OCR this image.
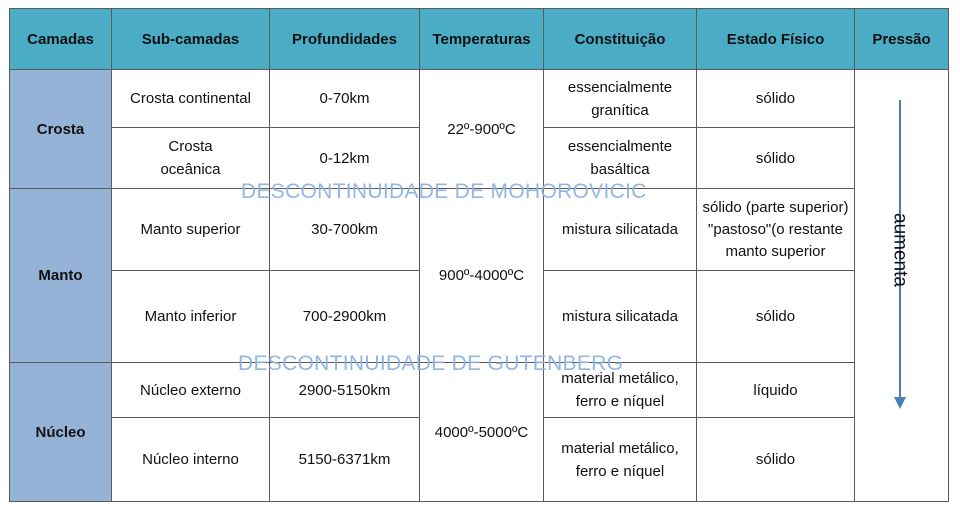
Camadas	Sub-camadas	Profundidades	Temperaturas	Constituição	Estado Físico	Pressão
Crosta	Crosta continental	0-70km	22º-900ºC	essencialmente granítica	sólido	aumenta

	Crosta oceânica	0-12km		essencialmente basáltica	sólido	
Manto	Manto superior	30-700km	900º-4000ºC	mistura silicatada	sólido (parte superior) "pastoso"(o restante manto superior	
	Manto inferior	700-2900km		mistura silicatada	sólido	
Núcleo	Núcleo externo	2900-5150km	4000º-5000ºC	material metálico, ferro e níquel	líquido	
	Núcleo interno	5150-6371km		material metálico, ferro e níquel	sólido	
DESCONTINUIDADE DE MOHOROVICIC
DESCONTINUIDADE DE GUTENBERG
